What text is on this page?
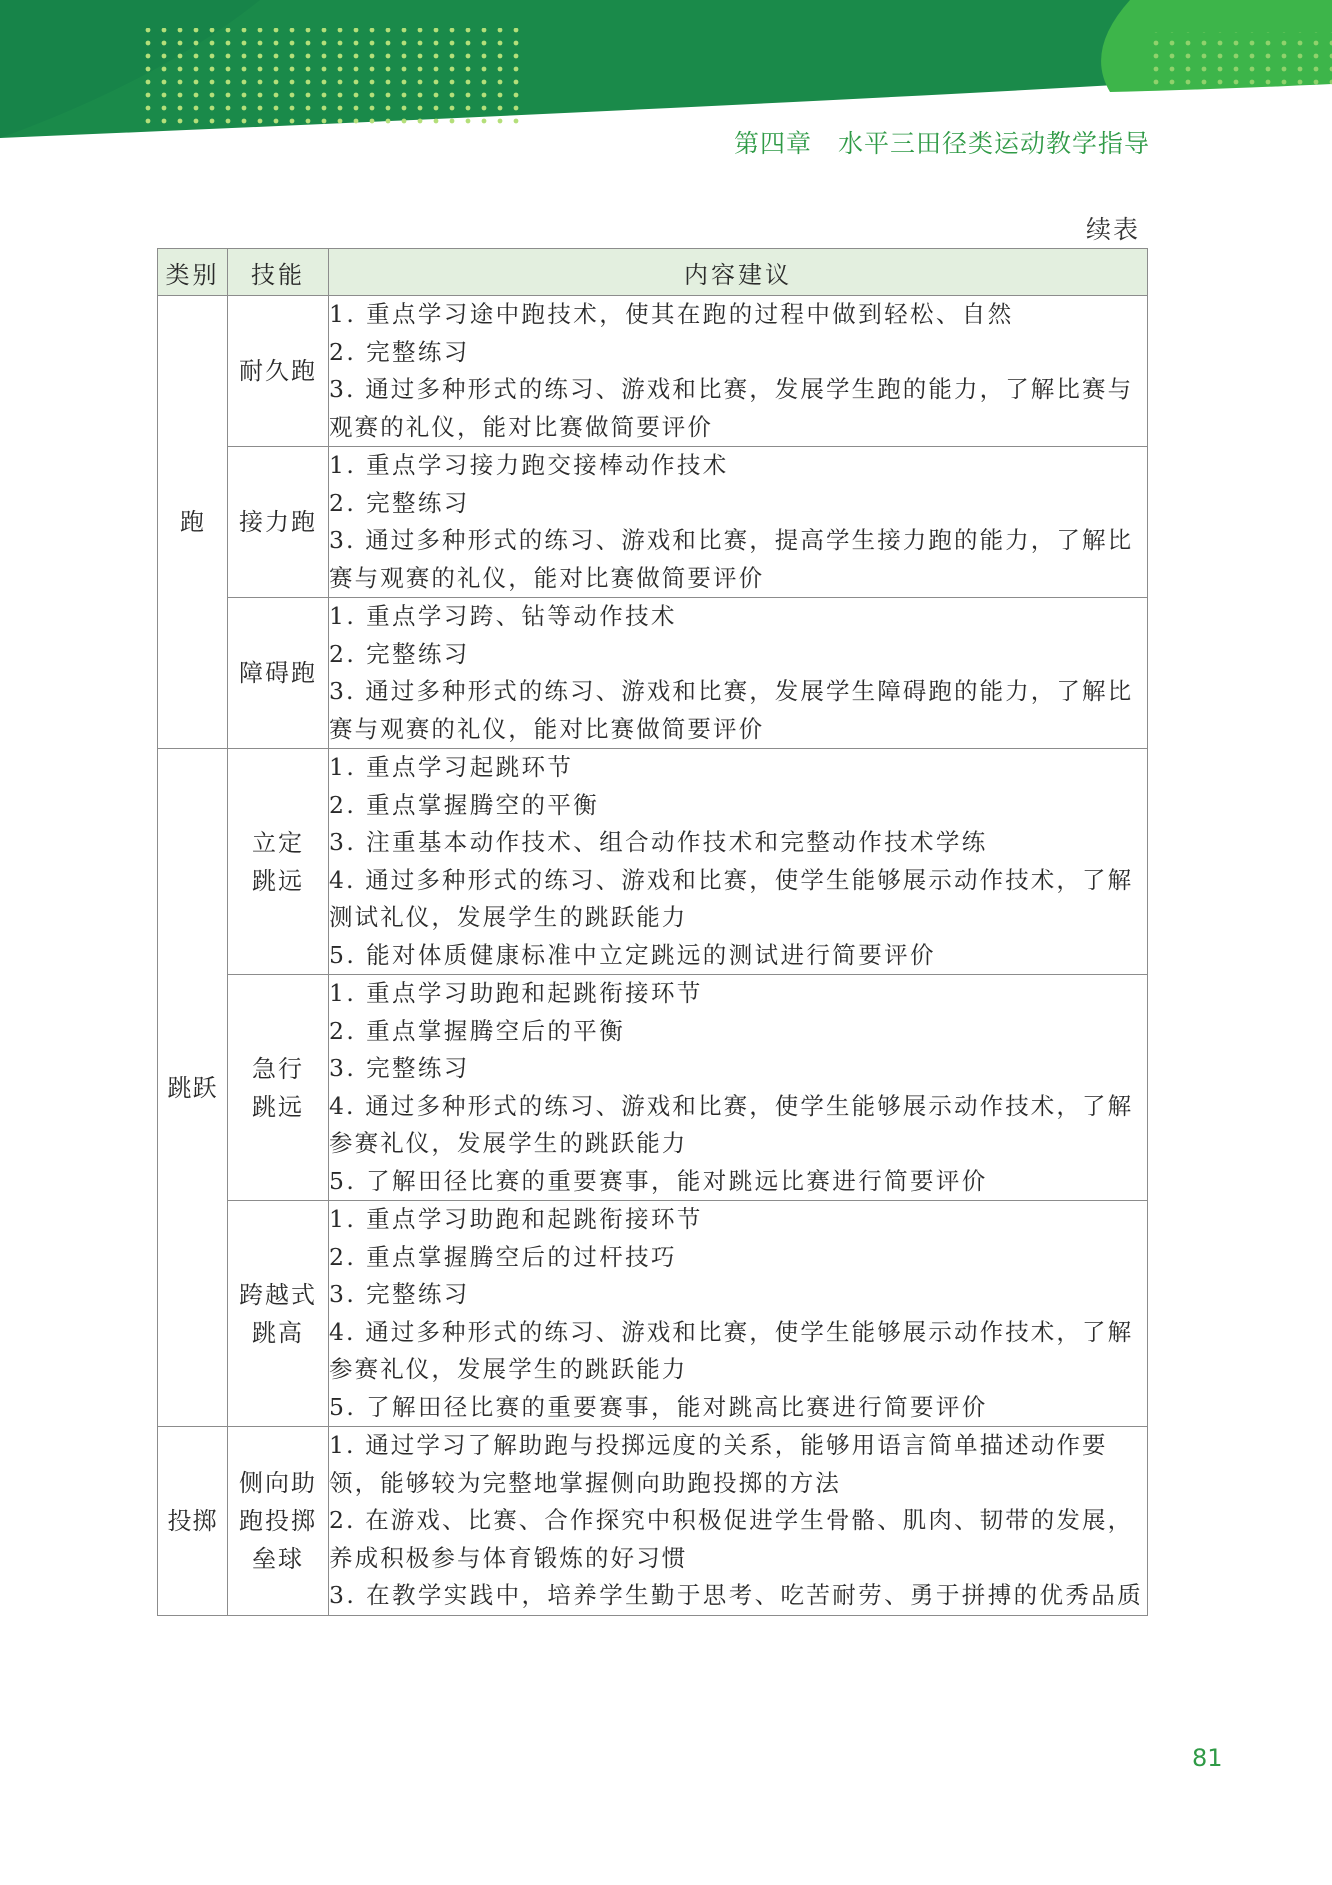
第四章　水平三田径类运动教学指导
续表
类别	技能	内容建议
跑	耐久跑	1. 重点学习途中跑技术，使其在跑的过程中做到轻松、自然
2. 完整练习
3. 通过多种形式的练习、游戏和比赛，发展学生跑的能力，了解比赛与观赛的礼仪，能对比赛做简要评价

	接力跑	1. 重点学习接力跑交接棒动作技术
2. 完整练习
3. 通过多种形式的练习、游戏和比赛，提高学生接力跑的能力，了解比赛与观赛的礼仪，能对比赛做简要评价

	障碍跑	1. 重点学习跨、钻等动作技术
2. 完整练习
3. 通过多种形式的练习、游戏和比赛，发展学生障碍跑的能力，了解比赛与观赛的礼仪，能对比赛做简要评价

跳跃	立定跳远	1. 重点学习起跳环节
2. 重点掌握腾空的平衡
3. 注重基本动作技术、组合动作技术和完整动作技术学练
4. 通过多种形式的练习、游戏和比赛，使学生能够展示动作技术，了解测试礼仪，发展学生的跳跃能力
5. 能对体质健康标准中立定跳远的测试进行简要评价

	急行跳远	1. 重点学习助跑和起跳衔接环节
2. 重点掌握腾空后的平衡
3. 完整练习
4. 通过多种形式的练习、游戏和比赛，使学生能够展示动作技术，了解参赛礼仪，发展学生的跳跃能力
5. 了解田径比赛的重要赛事，能对跳远比赛进行简要评价

	跨越式跳高	1. 重点学习助跑和起跳衔接环节
2. 重点掌握腾空后的过杆技巧
3. 完整练习
4. 通过多种形式的练习、游戏和比赛，使学生能够展示动作技术，了解参赛礼仪，发展学生的跳跃能力
5. 了解田径比赛的重要赛事，能对跳高比赛进行简要评价

投掷	侧向助跑投掷垒球	1. 通过学习了解助跑与投掷远度的关系，能够用语言简单描述动作要领，能够较为完整地掌握侧向助跑投掷的方法
2. 在游戏、比赛、合作探究中积极促进学生骨骼、肌肉、韧带的发展，养成积极参与体育锻炼的好习惯
3. 在教学实践中，培养学生勤于思考、吃苦耐劳、勇于拼搏的优秀品质
81
